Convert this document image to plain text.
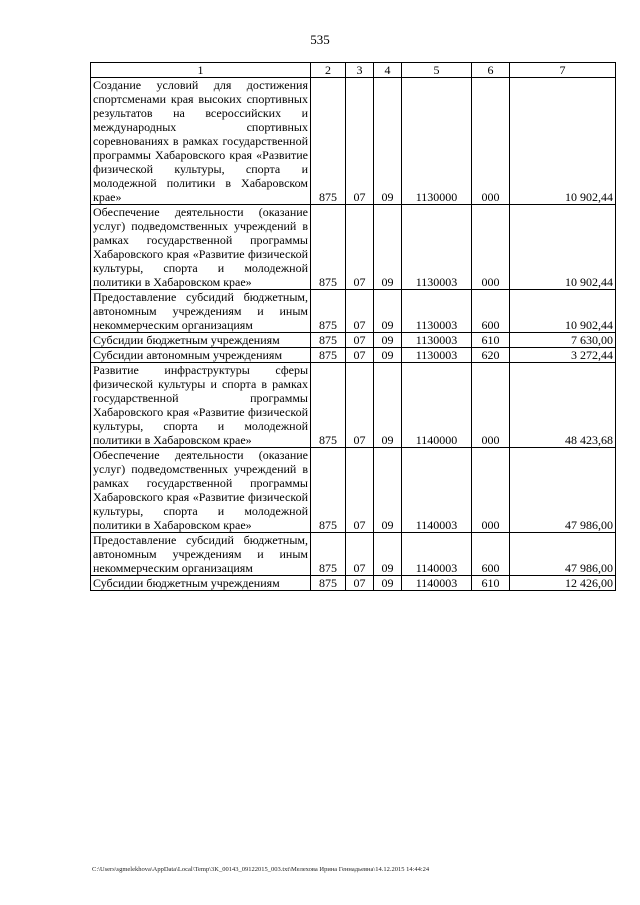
535
1	2	3	4	5	6	7
Создание условий для достижения спортсменами края высоких спортивных результатов на всероссийских и международных спортивных соревнованиях в рамках государственной программы Хабаровского края «Развитие физической культуры, спорта и молодежной политики в Хабаровском крае»	875	07	09	1130000	000	10 902,44
Обеспечение деятельности (оказание услуг) подведомственных учреждений в рамках государственной программы Хабаровского края «Развитие физической культуры, спорта и молодежной политики в Хабаровском крае»	875	07	09	1130003	000	10 902,44
Предоставление субсидий бюджетным, автономным учреждениям и иным некоммерческим организациям	875	07	09	1130003	600	10 902,44
Субсидии бюджетным учреждениям	875	07	09	1130003	610	7 630,00
Субсидии автономным учреждениям	875	07	09	1130003	620	3 272,44
Развитие инфраструктуры сферы физической культуры и спорта в рамках государственной программы Хабаровского края «Развитие физической культуры, спорта и молодежной политики в Хабаровском крае»	875	07	09	1140000	000	48 423,68
Обеспечение деятельности (оказание услуг) подведомственных учреждений в рамках государственной программы Хабаровского края «Развитие физической культуры, спорта и молодежной политики в Хабаровском крае»	875	07	09	1140003	000	47 986,00
Предоставление субсидий бюджетным, автономным учреждениям и иным некоммерческим организациям	875	07	09	1140003	600	47 986,00
Субсидии бюджетным учреждениям	875	07	09	1140003	610	12 426,00
C:\Users\sgmelekhova\AppData\Local\Temp\3K_00143_09122015_003.txt\Мелехова Ирина Геннадьевна\14.12.2015 14:44:24
